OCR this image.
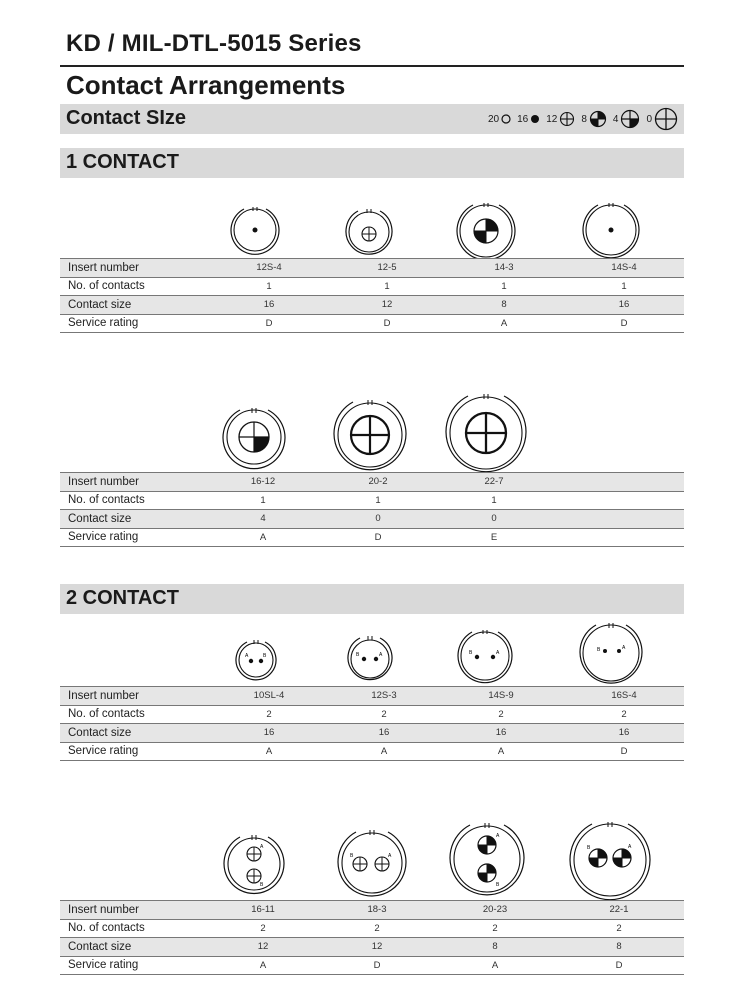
KD / MIL-DTL-5015 Series
Contact Arrangements
Contact SIze	20 16 12 8	4	0
1 CONTACT
Insert number	12S-4	12-5	14-3	14S-4
No. of contacts	1	1	1	1
Contact size	16	12	8	16
Service rating	D	D	A	D
Insert number	16-12	20-2	22-7	
No. of contacts	1	1	1	
Contact size	4	0	0	
Service rating	A	D	E	
2 CONTACT
A	B	B	A	B	A	B	A
Insert number	10SL-4	12S-3	14S-9	16S-4
No. of contacts	2	2	2	2
Contact size	16	16	16	16
Service rating	A	A	A	D
A
B
B	A
A
B
B	A
Insert number	16-11	18-3	20-23	22-1
No. of contacts	2	2	2	2
Contact size	12	12	8	8
Service rating	A	D	A	D
